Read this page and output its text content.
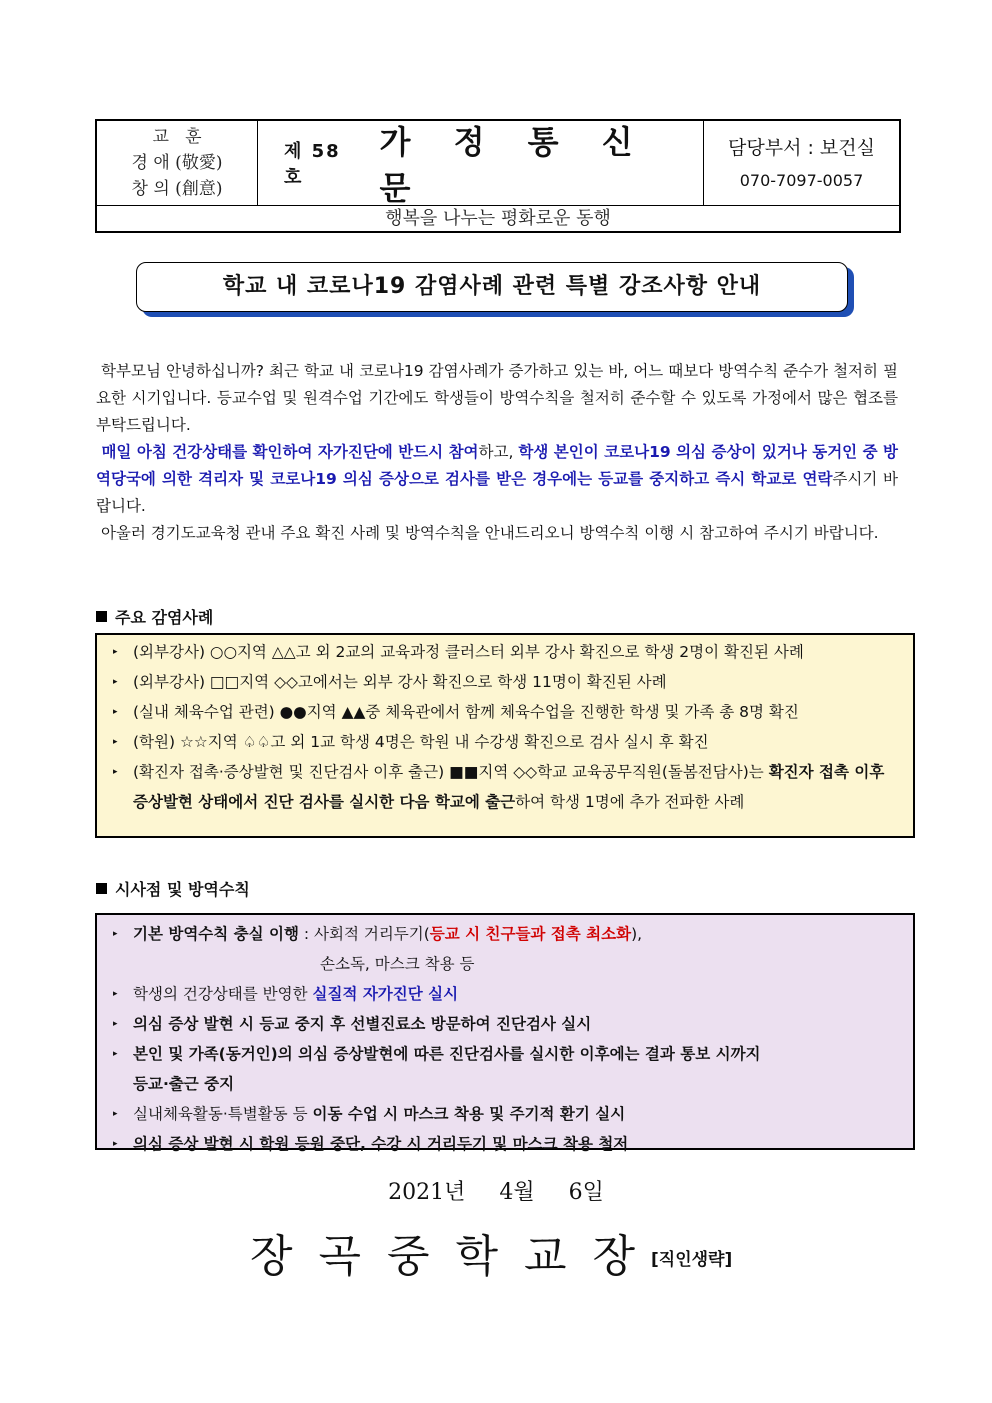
교   훈
경 애 (敬愛)
창 의 (創意)
제 58 호
가 정 통 신 문
담당부서 : 보건실
070-7097-0057
행복을 나누는 평화로운 동행
학교 내 코로나19 감염사례 관련 특별 강조사항 안내

학부모님 안녕하십니까? 최근 학교 내 코로나19 감염사례가 증가하고 있는 바, 어느 때보다 방역수칙 준수가 철저히 필요한 시기입니다. 등교수업 및 원격수업 기간에도 학생들이 방역수칙을 철저히 준수할 수 있도록 가정에서 많은 협조를 부탁드립니다.

매일 아침 건강상태를 확인하여 자가진단에 반드시 참여하고, 학생 본인이 코로나19 의심 증상이 있거나 동거인 중 방역당국에 의한 격리자 및 코로나19 의심 증상으로 검사를 받은 경우에는 등교를 중지하고 즉시 학교로 연락주시기 바랍니다.

아울러 경기도교육청 관내 주요 확진 사례 및 방역수칙을 안내드리오니 방역수칙 이행 시 참고하여 주시기 바랍니다.

주요 감염사례
▸ (외부강사) ○○지역 △△고 외 2교의 교육과정 클러스터 외부 강사 확진으로 학생 2명이 확진된 사례
▸ (외부강사) □□지역 ◇◇고에서는 외부 강사 확진으로 학생 11명이 확진된 사례
▸ (실내 체육수업 관련) ●●지역 ▲▲중 체육관에서 함께 체육수업을 진행한 학생 및 가족 총 8명 확진
▸ (학원) ☆☆지역 ♤♤고 외 1교 학생 4명은 학원 내 수강생 확진으로 검사 실시 후 확진
▸ (확진자 접촉·증상발현 및 진단검사 이후 출근) ■■지역 ◇◇학교 교육공무직원(돌봄전담사)는 확진자 접촉 이후 증상발현 상태에서 진단 검사를 실시한 다음 학교에 출근하여 학생 1명에 추가 전파한 사례
시사점 및 방역수칙
▸ 기본 방역수칙 충실 이행 : 사회적 거리두기(등교 시 친구들과 접촉 최소화),
손소독, 마스크 착용 등
▸ 학생의 건강상태를 반영한 실질적 자가진단 실시
▸ 의심 증상 발현 시 등교 중지 후 선별진료소 방문하여 진단검사 실시
▸ 본인 및 가족(동거인)의 의심 증상발현에 따른 진단검사를 실시한 이후에는 결과 통보 시까지
등교·출근 중지
▸ 실내체육활동·특별활동 등 이동 수업 시 마스크 착용 및 주기적 환기 실시
▸ 의심 증상 발현 시 학원 등원 중단, 수강 시 거리두기 및 마스크 착용 철저
2021년  4월  6일
장곡중학교장
[직인생략]
